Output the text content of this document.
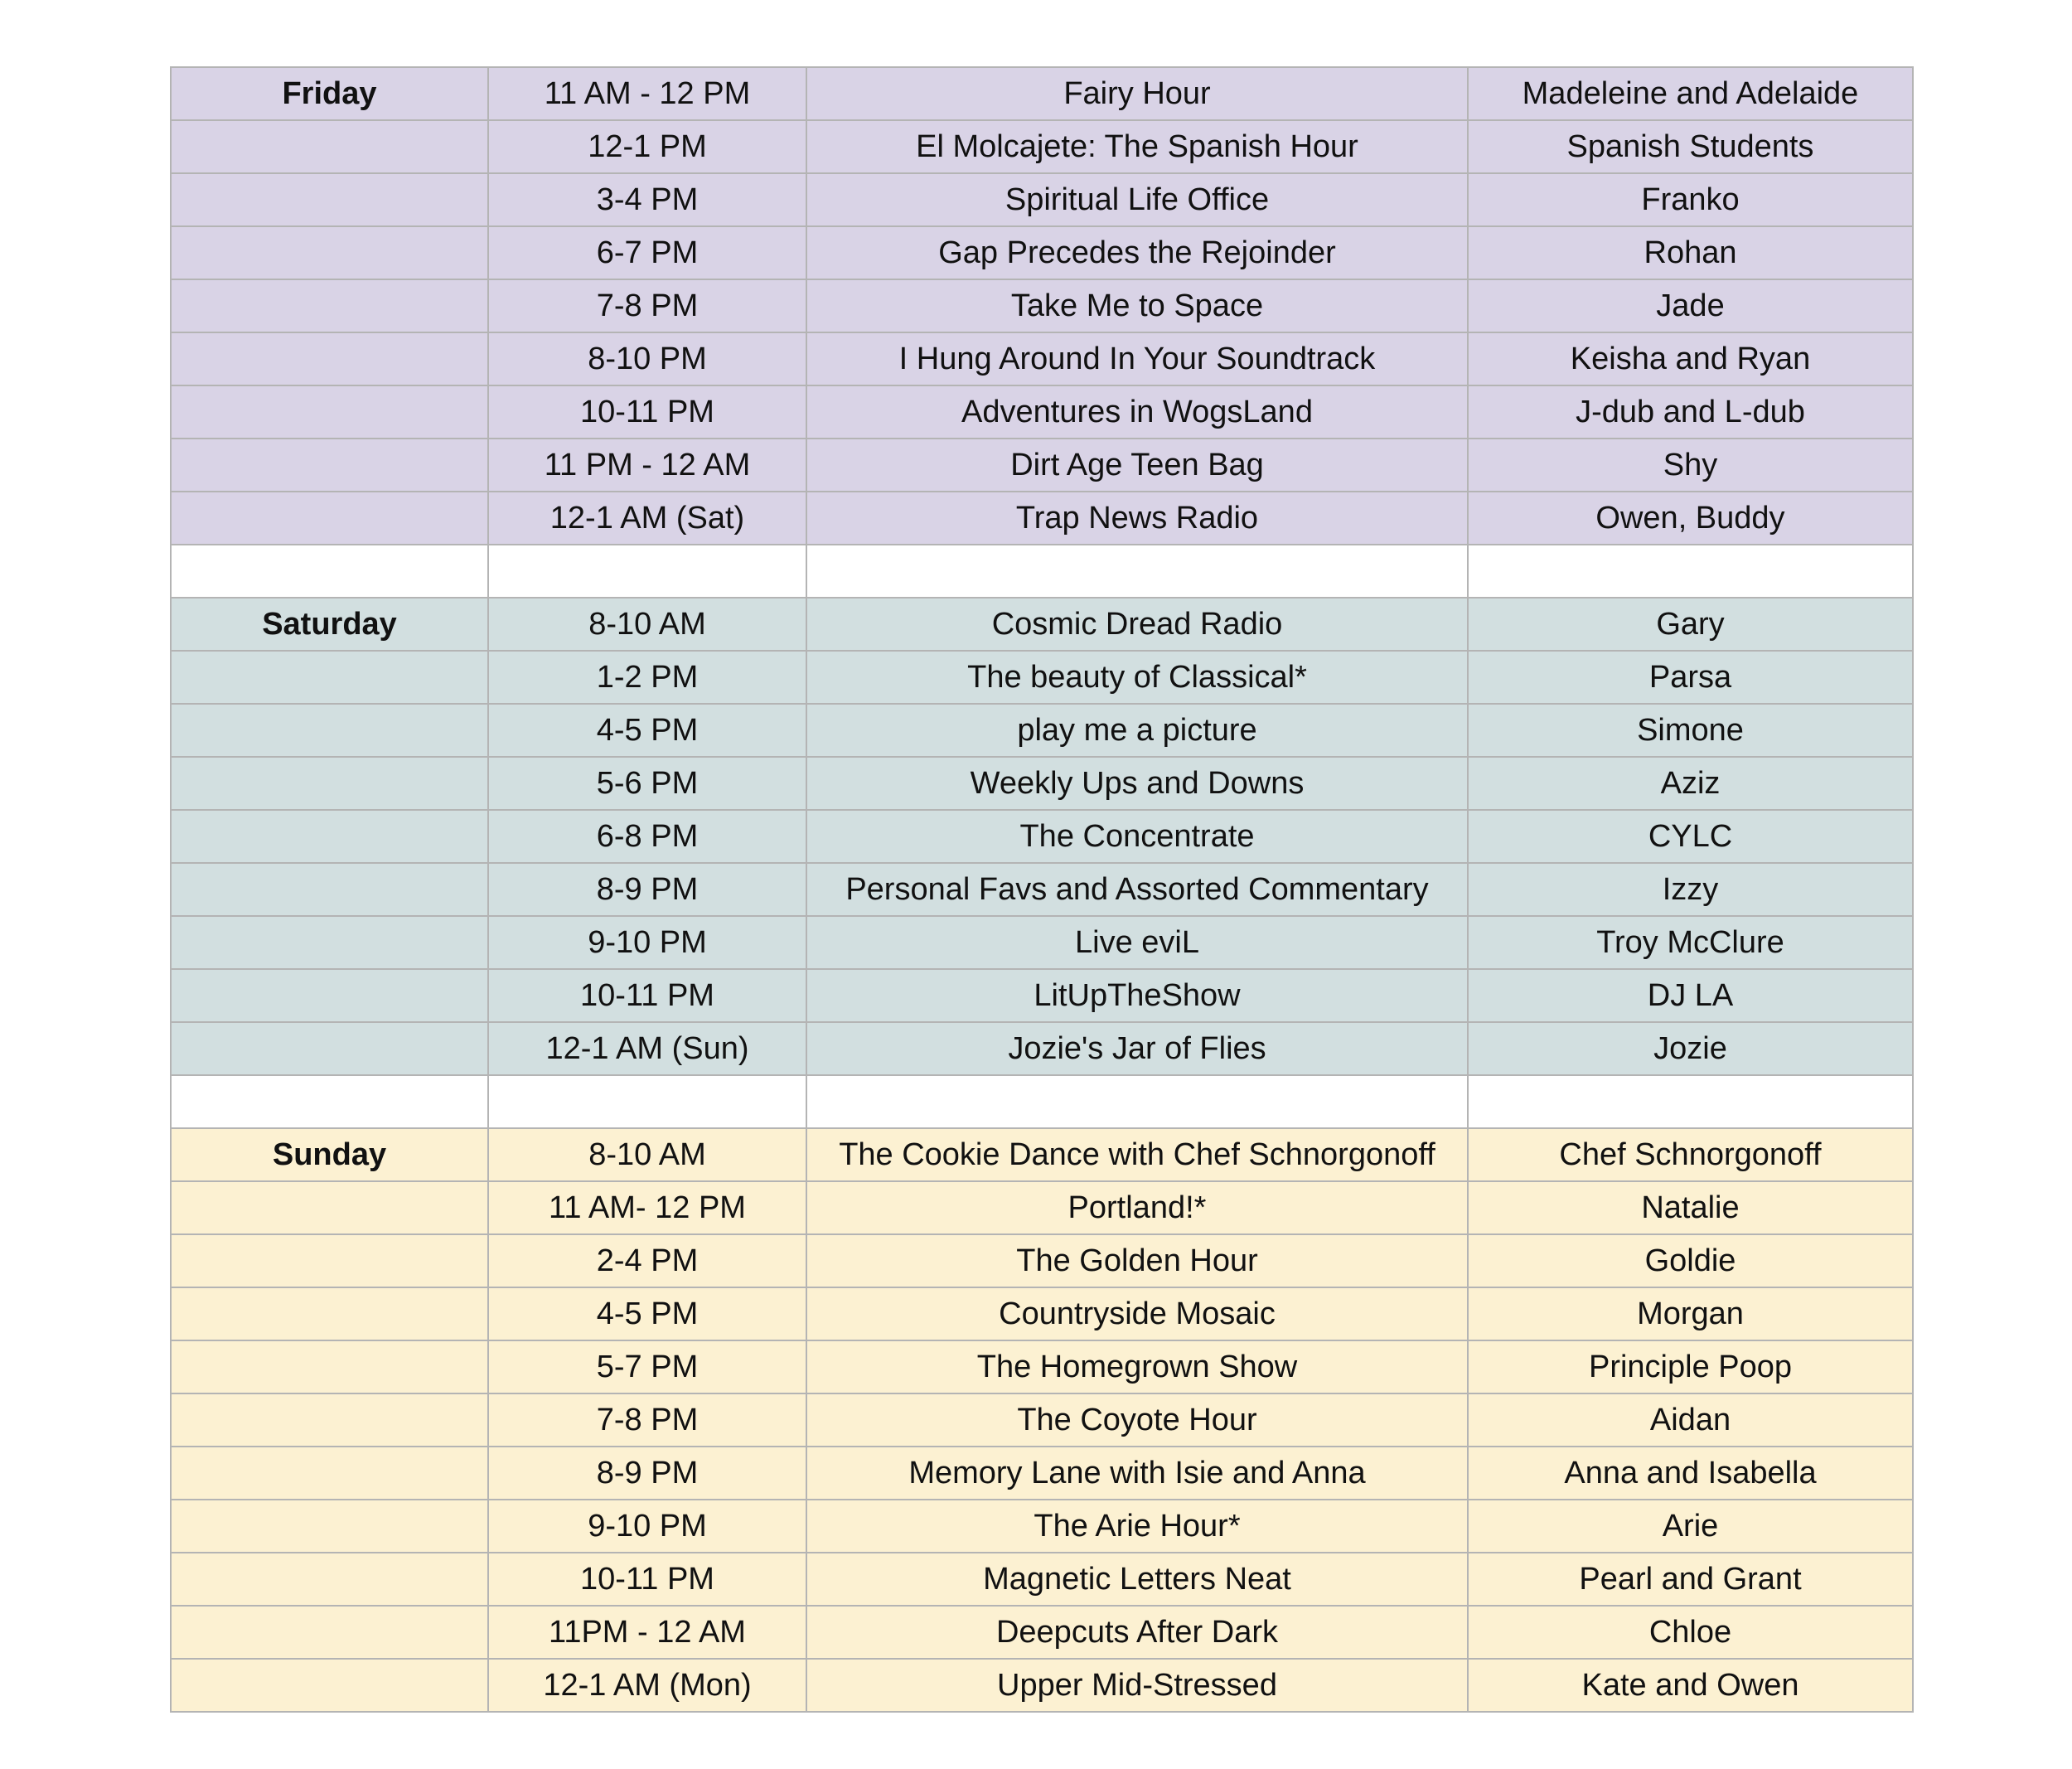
Friday	11 AM - 12 PM	Fairy Hour	Madeleine and Adelaide
	12-1 PM	El Molcajete: The Spanish Hour	Spanish Students
	3-4 PM	Spiritual Life Office	Franko
	6-7 PM	Gap Precedes the Rejoinder	Rohan
	7-8 PM	Take Me to Space	Jade
	8-10 PM	I Hung Around In Your Soundtrack	Keisha and Ryan
	10-11 PM	Adventures in WogsLand	J-dub and L-dub
	11 PM - 12 AM	Dirt Age Teen Bag	Shy
	12-1 AM (Sat)	Trap News Radio	Owen, Buddy

Saturday	8-10 AM	Cosmic Dread Radio	Gary
	1-2 PM	The beauty of Classical*	Parsa
	4-5 PM	play me a picture	Simone
	5-6 PM	Weekly Ups and Downs	Aziz
	6-8 PM	The Concentrate	CYLC
	8-9 PM	Personal Favs and Assorted Commentary	Izzy
	9-10 PM	Live eviL	Troy McClure
	10-11 PM	LitUpTheShow	DJ LA
	12-1 AM (Sun)	Jozie's Jar of Flies	Jozie

Sunday	8-10 AM	The Cookie Dance with Chef Schnorgonoff	Chef Schnorgonoff
	11 AM- 12 PM	Portland!*	Natalie
	2-4 PM	The Golden Hour	Goldie
	4-5 PM	Countryside Mosaic	Morgan
	5-7 PM	The Homegrown Show	Principle Poop
	7-8 PM	The Coyote Hour	Aidan
	8-9 PM	Memory Lane with Isie and Anna	Anna and Isabella
	9-10 PM	The Arie Hour*	Arie
	10-11 PM	Magnetic Letters Neat	Pearl and Grant
	11PM - 12 AM	Deepcuts After Dark	Chloe
	12-1 AM (Mon)	Upper Mid-Stressed	Kate and Owen
